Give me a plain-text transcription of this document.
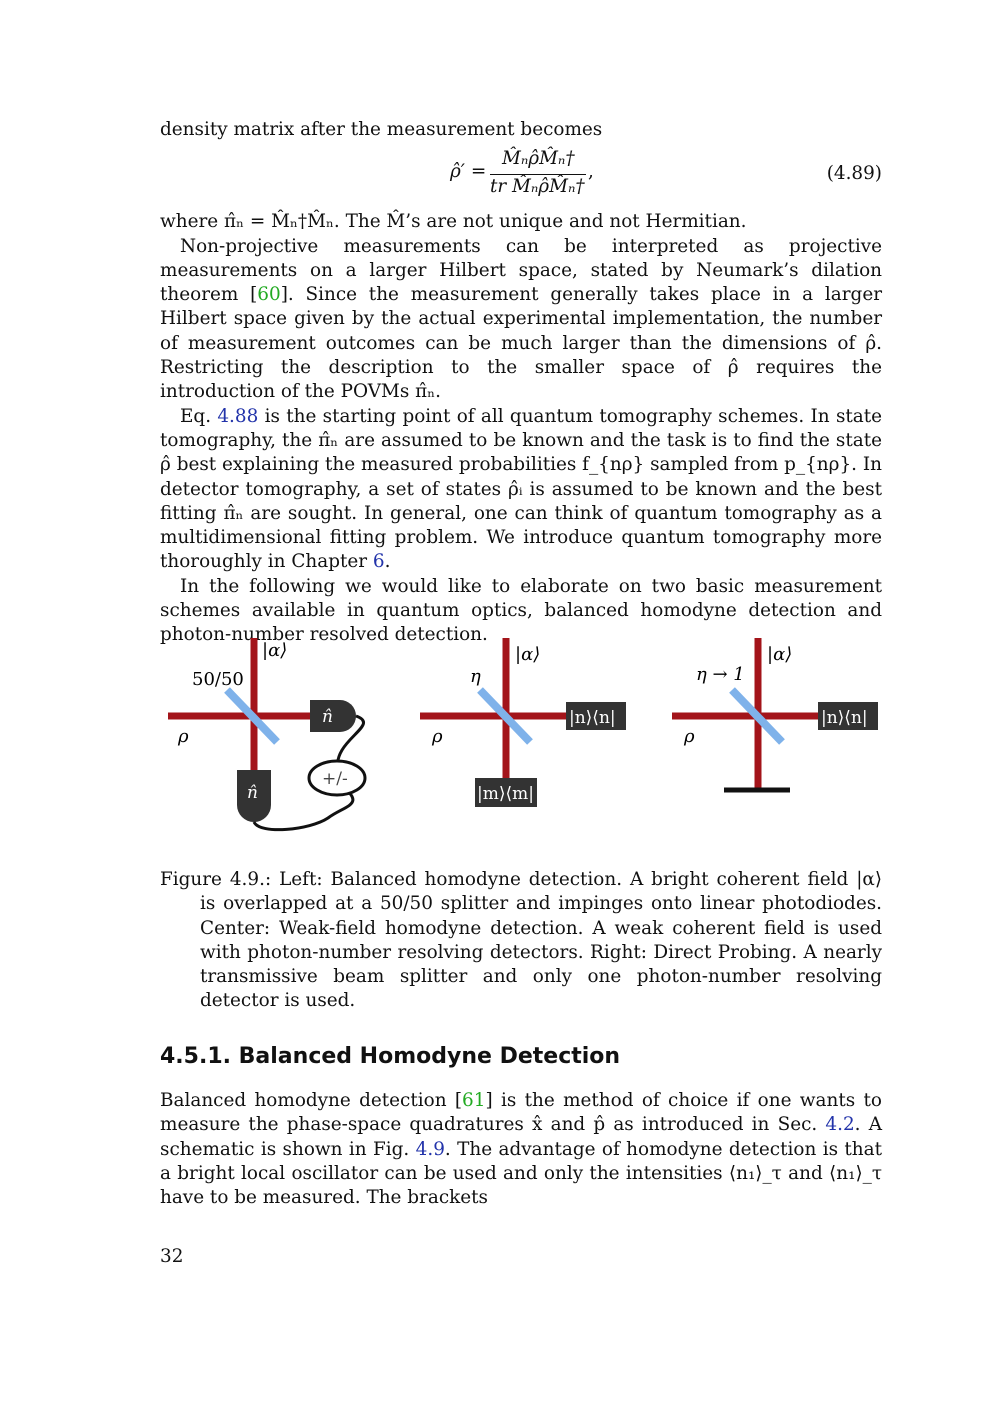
density matrix after the measurement becomes

ρ̂′ =
M̂ₙρ̂M̂ₙ†
tr M̂ₙρ̂M̂ₙ†
,	(4.89)

where π̂ₙ = M̂ₙ†M̂ₙ. The M̂’s are not unique and not Hermitian.

Non-projective measurements can be interpreted as projective measurements on a larger Hilbert space, stated by Neumark’s dilation theorem [60]. Since the measurement generally takes place in a larger Hilbert space given by the actual experimental implementation, the number of measurement outcomes can be much larger than the dimensions of ρ̂. Restricting the description to the smaller space of ρ̂ requires the introduction of the POVMs π̂ₙ.

Eq. 4.88 is the starting point of all quantum tomography schemes. In state tomography, the π̂ₙ are assumed to be known and the task is to find the state ρ̂ best explaining the measured probabilities f_{nρ} sampled from p_{nρ}. In detector tomography, a set of states ρ̂ᵢ is assumed to be known and the best fitting π̂ₙ are sought. In general, one can think of quantum tomography as a multidimensional fitting problem. We introduce quantum tomography more thoroughly in Chapter 6.

In the following we would like to elaborate on two basic measurement schemes available in quantum optics, balanced homodyne detection and photon-number resolved detection.

n̂
n̂
+/-
50/50
|α⟩
ρ
|n⟩⟨n|
|m⟩⟨m|
η
|α⟩
ρ
|n⟩⟨n|
η → 1
|α⟩
ρ

Figure 4.9.: Left: Balanced homodyne detection. A bright coherent field |α⟩ is overlapped at a 50/50 splitter and impinges onto linear photodiodes. Center: Weak-field homodyne detection. A weak coherent field is used with photon-number resolving detectors. Right: Direct Probing. A nearly transmissive beam splitter and only one photon-number resolving detector is used.

4.5.1. Balanced Homodyne Detection

Balanced homodyne detection [61] is the method of choice if one wants to measure the phase-space quadratures x̂ and p̂ as introduced in Sec. 4.2. A schematic is shown in Fig. 4.9. The advantage of homodyne detection is that a bright local oscillator can be used and only the intensities ⟨n₁⟩_τ and ⟨n₁⟩_τ have to be measured. The brackets

32
